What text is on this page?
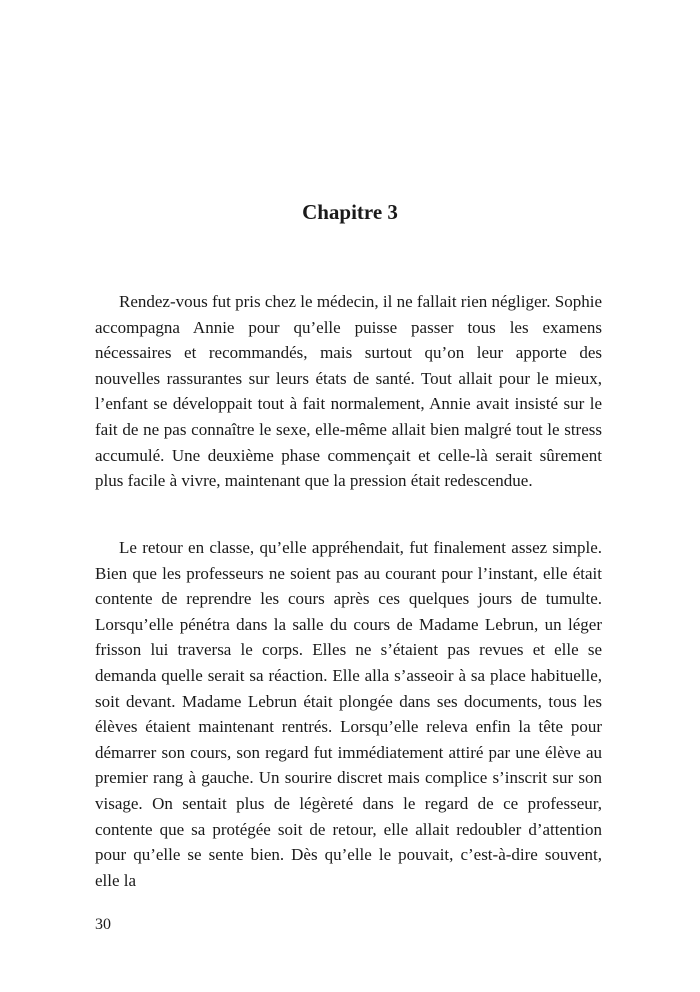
Chapitre 3

Rendez-vous fut pris chez le médecin, il ne fallait rien négliger. Sophie accompagna Annie pour qu’elle puisse passer tous les examens nécessaires et recommandés, mais surtout qu’on leur apporte des nouvelles rassurantes sur leurs états de santé. Tout allait pour le mieux, l’enfant se développait tout à fait normalement, Annie avait insisté sur le fait de ne pas connaître le sexe, elle-même allait bien malgré tout le stress accumulé. Une deuxième phase commençait et celle-là serait sûrement plus facile à vivre, maintenant que la pression était redescendue.

Le retour en classe, qu’elle appréhendait, fut finalement assez simple. Bien que les professeurs ne soient pas au courant pour l’instant, elle était contente de reprendre les cours après ces quelques jours de tumulte. Lorsqu’elle pénétra dans la salle du cours de Madame Lebrun, un léger frisson lui traversa le corps. Elles ne s’étaient pas revues et elle se demanda quelle serait sa réaction. Elle alla s’asseoir à sa place habituelle, soit devant. Madame Lebrun était plongée dans ses documents, tous les élèves étaient maintenant rentrés. Lorsqu’elle releva enfin la tête pour démarrer son cours, son regard fut immédiatement attiré par une élève au premier rang à gauche. Un sourire discret mais complice s’inscrit sur son visage. On sentait plus de légèreté dans le regard de ce professeur, contente que sa protégée soit de retour, elle allait redoubler d’attention pour qu’elle se sente bien. Dès qu’elle le pouvait, c’est-à-dire souvent, elle la

30
